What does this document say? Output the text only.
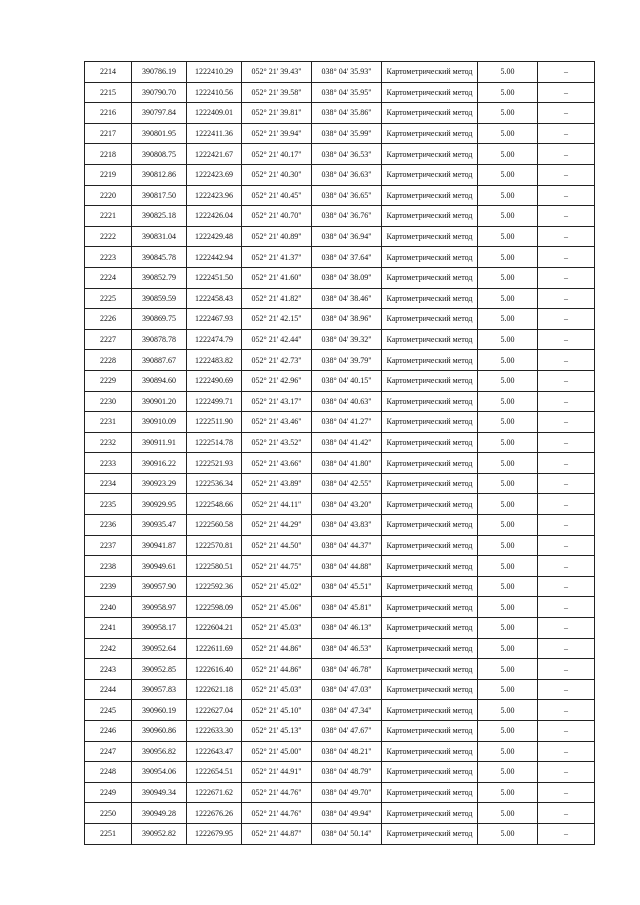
2214	390786.19	1222410.29	052° 21' 39.43"	038° 04' 35.93"	Картометрический метод	5.00	–
2215	390790.70	1222410.56	052° 21' 39.58"	038° 04' 35.95"	Картометрический метод	5.00	–
2216	390797.84	1222409.01	052° 21' 39.81"	038° 04' 35.86"	Картометрический метод	5.00	–
2217	390801.95	1222411.36	052° 21' 39.94"	038° 04' 35.99"	Картометрический метод	5.00	–
2218	390808.75	1222421.67	052° 21' 40.17"	038° 04' 36.53"	Картометрический метод	5.00	–
2219	390812.86	1222423.69	052° 21' 40.30"	038° 04' 36.63"	Картометрический метод	5.00	–
2220	390817.50	1222423.96	052° 21' 40.45"	038° 04' 36.65"	Картометрический метод	5.00	–
2221	390825.18	1222426.04	052° 21' 40.70"	038° 04' 36.76"	Картометрический метод	5.00	–
2222	390831.04	1222429.48	052° 21' 40.89"	038° 04' 36.94"	Картометрический метод	5.00	–
2223	390845.78	1222442.94	052° 21' 41.37"	038° 04' 37.64"	Картометрический метод	5.00	–
2224	390852.79	1222451.50	052° 21' 41.60"	038° 04' 38.09"	Картометрический метод	5.00	–
2225	390859.59	1222458.43	052° 21' 41.82"	038° 04' 38.46"	Картометрический метод	5.00	–
2226	390869.75	1222467.93	052° 21' 42.15"	038° 04' 38.96"	Картометрический метод	5.00	–
2227	390878.78	1222474.79	052° 21' 42.44"	038° 04' 39.32"	Картометрический метод	5.00	–
2228	390887.67	1222483.82	052° 21' 42.73"	038° 04' 39.79"	Картометрический метод	5.00	–
2229	390894.60	1222490.69	052° 21' 42.96"	038° 04' 40.15"	Картометрический метод	5.00	–
2230	390901.20	1222499.71	052° 21' 43.17"	038° 04' 40.63"	Картометрический метод	5.00	–
2231	390910.09	1222511.90	052° 21' 43.46"	038° 04' 41.27"	Картометрический метод	5.00	–
2232	390911.91	1222514.78	052° 21' 43.52"	038° 04' 41.42"	Картометрический метод	5.00	–
2233	390916.22	1222521.93	052° 21' 43.66"	038° 04' 41.80"	Картометрический метод	5.00	–
2234	390923.29	1222536.34	052° 21' 43.89"	038° 04' 42.55"	Картометрический метод	5.00	–
2235	390929.95	1222548.66	052° 21' 44.11"	038° 04' 43.20"	Картометрический метод	5.00	–
2236	390935.47	1222560.58	052° 21' 44.29"	038° 04' 43.83"	Картометрический метод	5.00	–
2237	390941.87	1222570.81	052° 21' 44.50"	038° 04' 44.37"	Картометрический метод	5.00	–
2238	390949.61	1222580.51	052° 21' 44.75"	038° 04' 44.88"	Картометрический метод	5.00	–
2239	390957.90	1222592.36	052° 21' 45.02"	038° 04' 45.51"	Картометрический метод	5.00	–
2240	390958.97	1222598.09	052° 21' 45.06"	038° 04' 45.81"	Картометрический метод	5.00	–
2241	390958.17	1222604.21	052° 21' 45.03"	038° 04' 46.13"	Картометрический метод	5.00	–
2242	390952.64	1222611.69	052° 21' 44.86"	038° 04' 46.53"	Картометрический метод	5.00	–
2243	390952.85	1222616.40	052° 21' 44.86"	038° 04' 46.78"	Картометрический метод	5.00	–
2244	390957.83	1222621.18	052° 21' 45.03"	038° 04' 47.03"	Картометрический метод	5.00	–
2245	390960.19	1222627.04	052° 21' 45.10"	038° 04' 47.34"	Картометрический метод	5.00	–
2246	390960.86	1222633.30	052° 21' 45.13"	038° 04' 47.67"	Картометрический метод	5.00	–
2247	390956.82	1222643.47	052° 21' 45.00"	038° 04' 48.21"	Картометрический метод	5.00	–
2248	390954.06	1222654.51	052° 21' 44.91"	038° 04' 48.79"	Картометрический метод	5.00	–
2249	390949.34	1222671.62	052° 21' 44.76"	038° 04' 49.70"	Картометрический метод	5.00	–
2250	390949.28	1222676.26	052° 21' 44.76"	038° 04' 49.94"	Картометрический метод	5.00	–
2251	390952.82	1222679.95	052° 21' 44.87"	038° 04' 50.14"	Картометрический метод	5.00	–
